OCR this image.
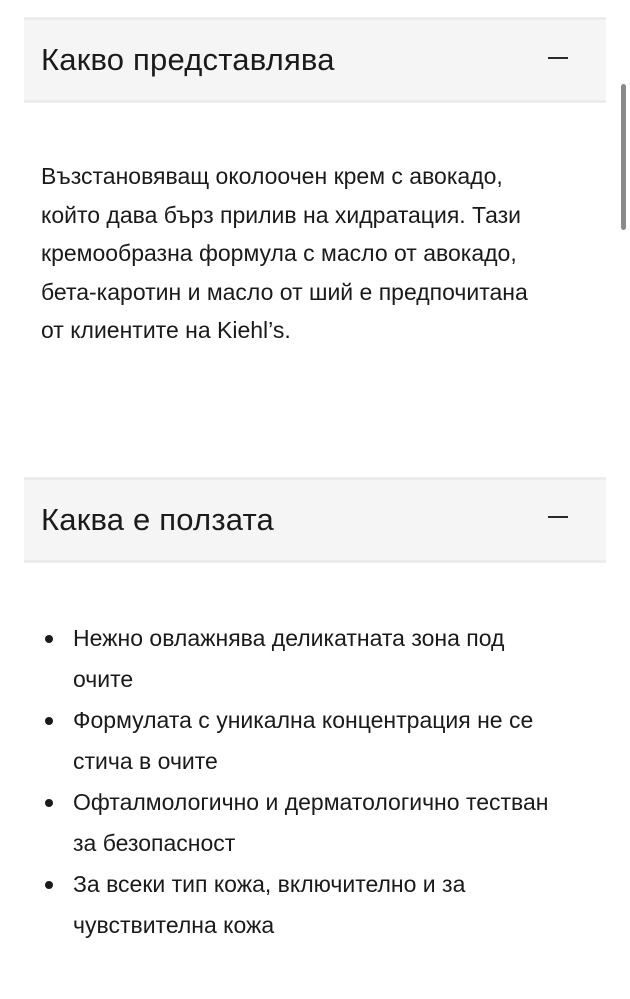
Какво представлява

Възстановяващ околоочен крем с авокадо, който дава бърз прилив на хидратация. Тази кремообразна формула с масло от авокадо, бета-каротин и масло от ший е предпочитана от клиентите на Kiehl’s.

Каква е ползата
Нежно овлажнява деликатната зона под очите
Формулата с уникална концентрация не се стича в очите
Офталмологично и дерматологично тестван за безопасност
За всеки тип кожа, включително и за чувствителна кожа
